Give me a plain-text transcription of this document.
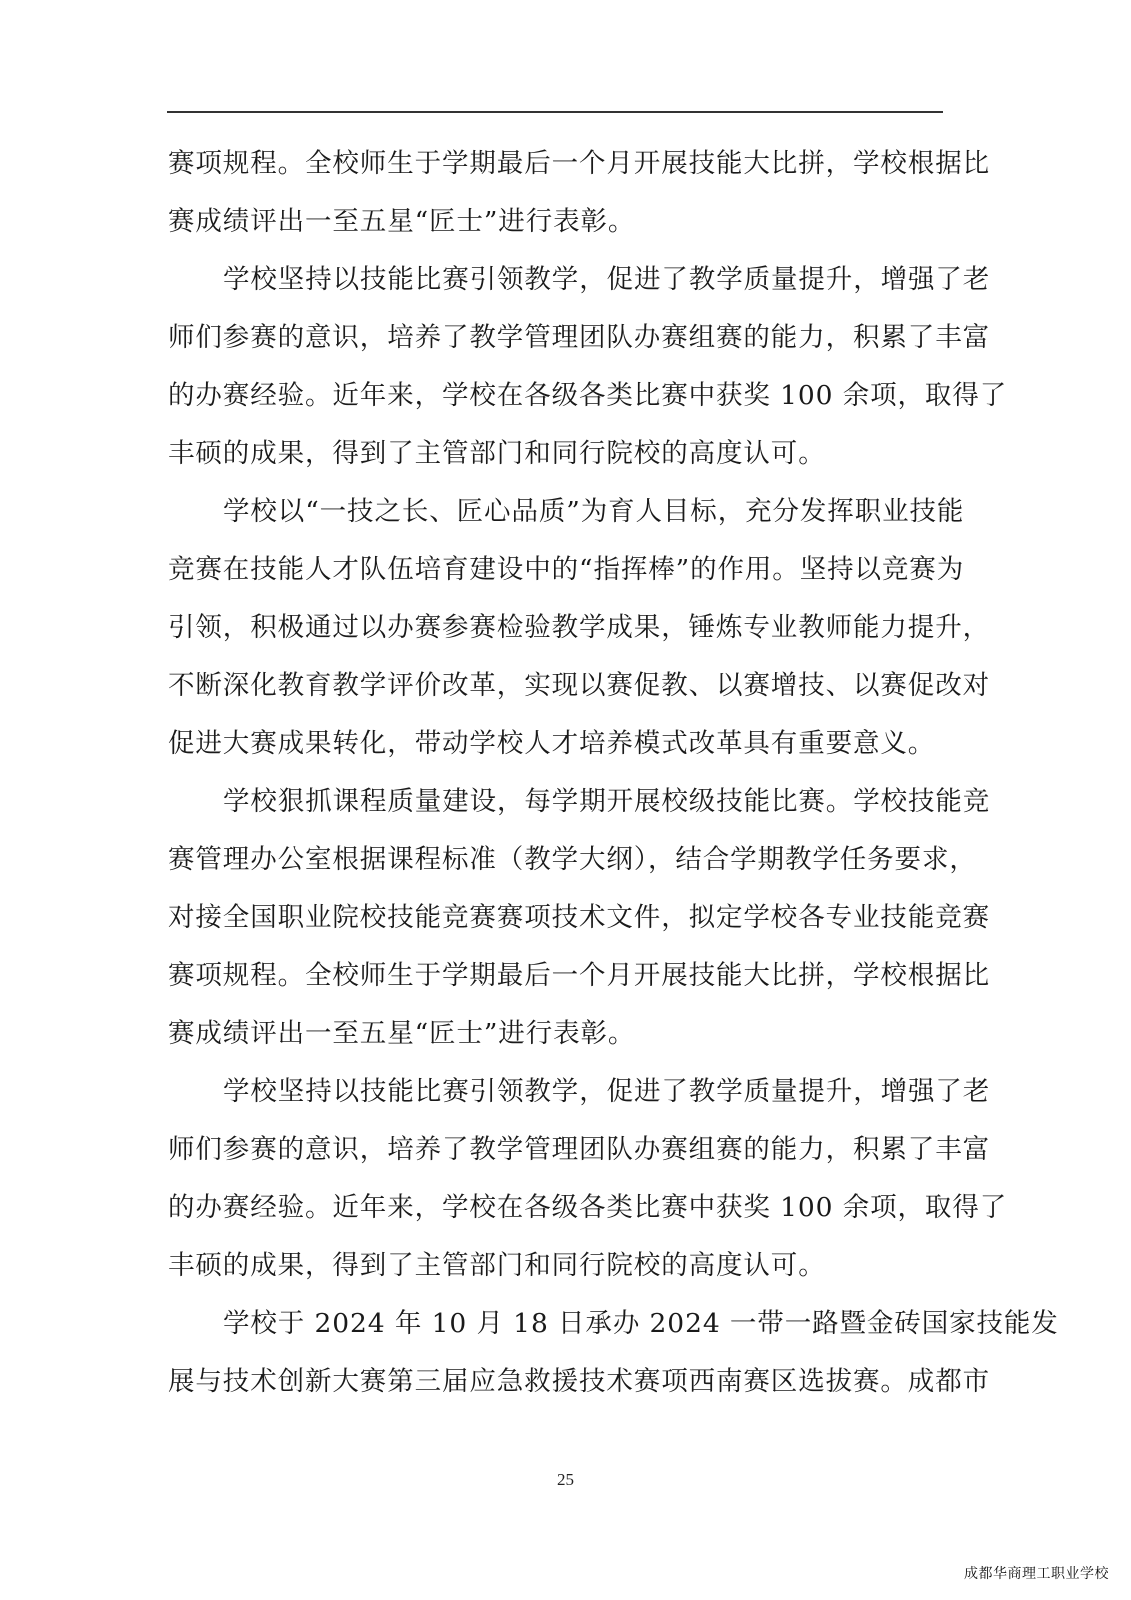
赛项规程。全校师生于学期最后一个月开展技能大比拼，学校根据比
赛成绩评出一至五星“匠士”进行表彰。
学校坚持以技能比赛引领教学，促进了教学质量提升，增强了老
师们参赛的意识，培养了教学管理团队办赛组赛的能力，积累了丰富
的办赛经验。近年来，学校在各级各类比赛中获奖 100 余项，取得了
丰硕的成果，得到了主管部门和同行院校的高度认可。
学校以“一技之长、匠心品质”为育人目标，充分发挥职业技能
竞赛在技能人才队伍培育建设中的“指挥棒”的作用。坚持以竞赛为
引领，积极通过以办赛参赛检验教学成果，锤炼专业教师能力提升，
不断深化教育教学评价改革，实现以赛促教、以赛增技、以赛促改对
促进大赛成果转化，带动学校人才培养模式改革具有重要意义。
学校狠抓课程质量建设，每学期开展校级技能比赛。学校技能竞
赛管理办公室根据课程标准（教学大纲），结合学期教学任务要求，
对接全国职业院校技能竞赛赛项技术文件，拟定学校各专业技能竞赛
赛项规程。全校师生于学期最后一个月开展技能大比拼，学校根据比
赛成绩评出一至五星“匠士”进行表彰。
学校坚持以技能比赛引领教学，促进了教学质量提升，增强了老
师们参赛的意识，培养了教学管理团队办赛组赛的能力，积累了丰富
的办赛经验。近年来，学校在各级各类比赛中获奖 100 余项，取得了
丰硕的成果，得到了主管部门和同行院校的高度认可。
学校于 2024 年 10 月 18 日承办 2024 一带一路暨金砖国家技能发
展与技术创新大赛第三届应急救援技术赛项西南赛区选拔赛。成都市
25
成都华商理工职业学校
